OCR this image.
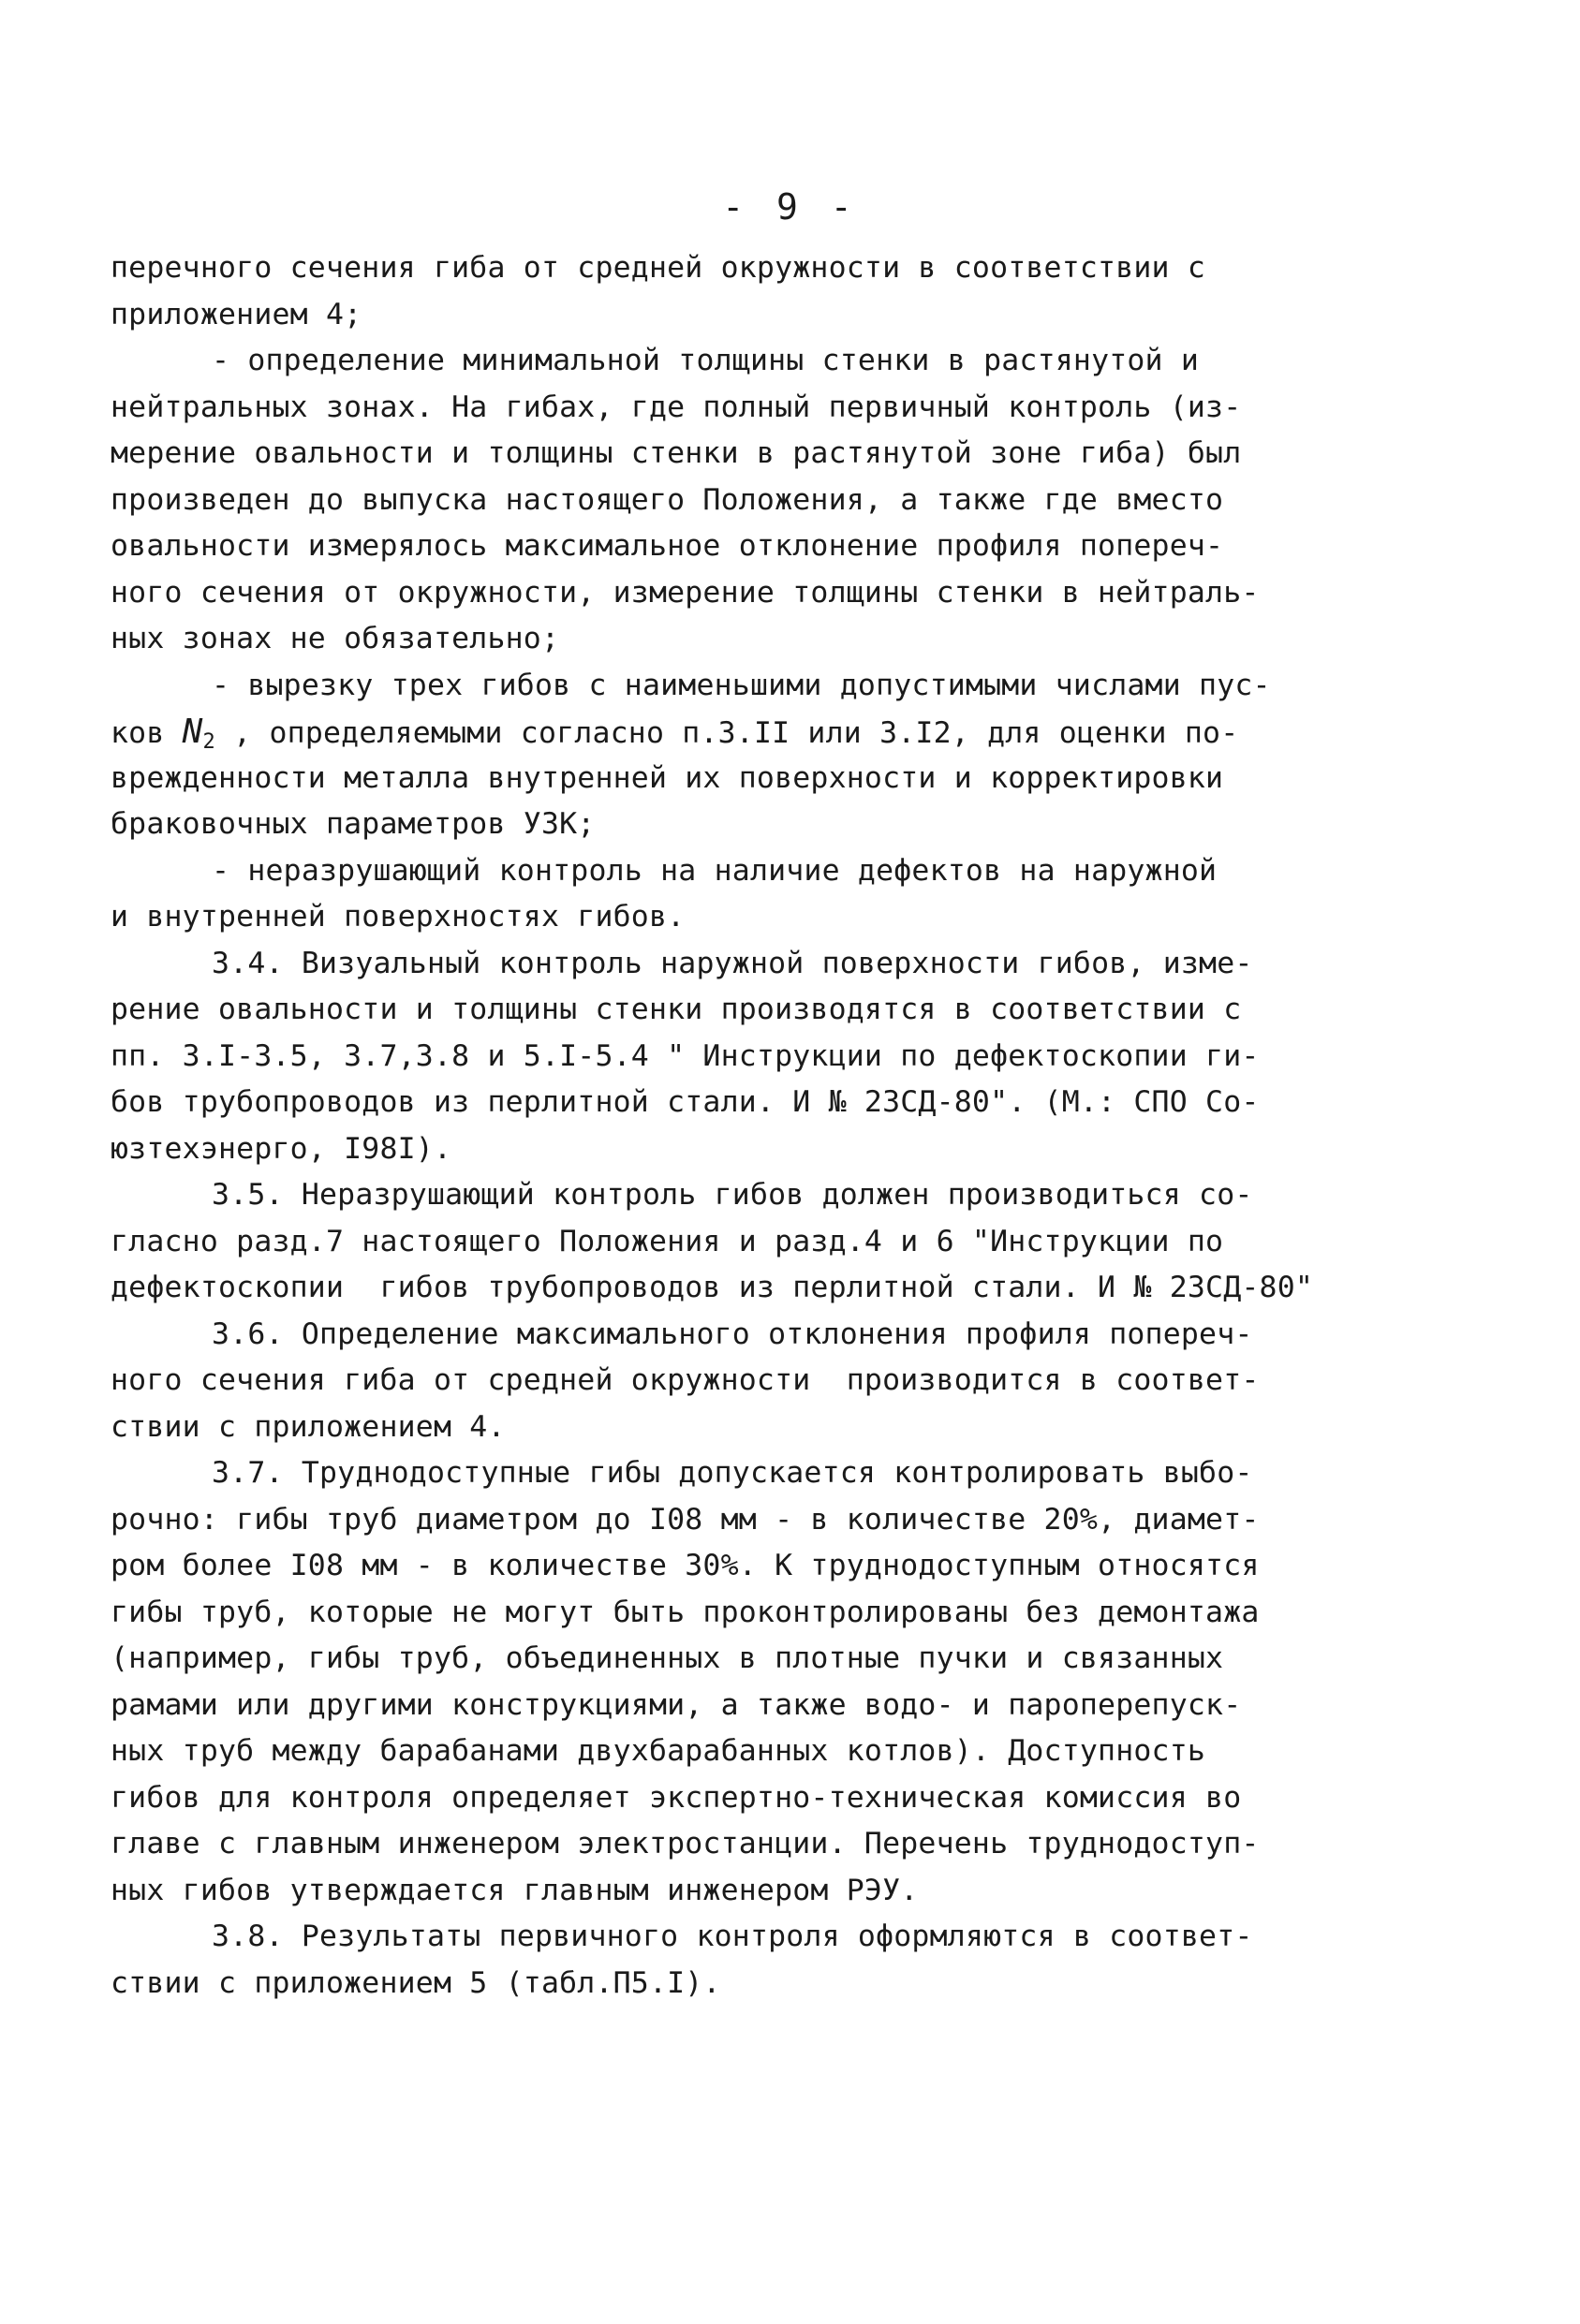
- 9 -
перечного сечения гиба от средней окружности в соответствии с
приложением 4;
- определение минимальной толщины стенки в растянутой и
нейтральных зонах. На гибах, где полный первичный контроль (из-
мерение овальности и толщины стенки в растянутой зоне гиба) был
произведен до выпуска настоящего Положения, а также где вместо
овальности измерялось максимальное отклонение профиля попереч-
ного сечения от окружности, измерение толщины стенки в нейтраль-
ных зонах не обязательно;
- вырезку трех гибов с наименьшими допустимыми числами пус-
ков $N_2$ , определяемыми согласно п.3.II или 3.I2, для оценки по-
врежденности металла внутренней их поверхности и корректировки
браковочных параметров УЗК;
- неразрушающий контроль на наличие дефектов на наружной
и внутренней поверхностях гибов.
3.4. Визуальный контроль наружной поверхности гибов, изме-
рение овальности и толщины стенки производятся в соответствии с
пп. 3.I-3.5, 3.7,3.8 и 5.I-5.4 " Инструкции по дефектоскопии ги-
бов трубопроводов из перлитной стали. И № 23СД-80". (М.: СПО Со-
юзтехэнерго, I98I).
3.5. Неразрушающий контроль гибов должен производиться со-
гласно разд.7 настоящего Положения и разд.4 и 6 "Инструкции по
дефектоскопии  гибов трубопроводов из перлитной стали. И № 23СД-80"
3.6. Определение максимального отклонения профиля попереч-
ного сечения гиба от средней окружности  производится в соответ-
ствии с приложением 4.
3.7. Труднодоступные гибы допускается контролировать выбо-
рочно: гибы труб диаметром до I08 мм - в количестве 20%, диамет-
ром более I08 мм - в количестве 30%. К труднодоступным относятся
гибы труб, которые не могут быть проконтролированы без демонтажа
(например, гибы труб, объединенных в плотные пучки и связанных
рамами или другими конструкциями, а также водо- и пароперепуск-
ных труб между барабанами двухбарабанных котлов). Доступность
гибов для контроля определяет экспертно-техническая комиссия во
главе с главным инженером электростанции. Перечень труднодоступ-
ных гибов утверждается главным инженером РЭУ.
3.8. Результаты первичного контроля оформляются в соответ-
ствии с приложением 5 (табл.П5.I).
